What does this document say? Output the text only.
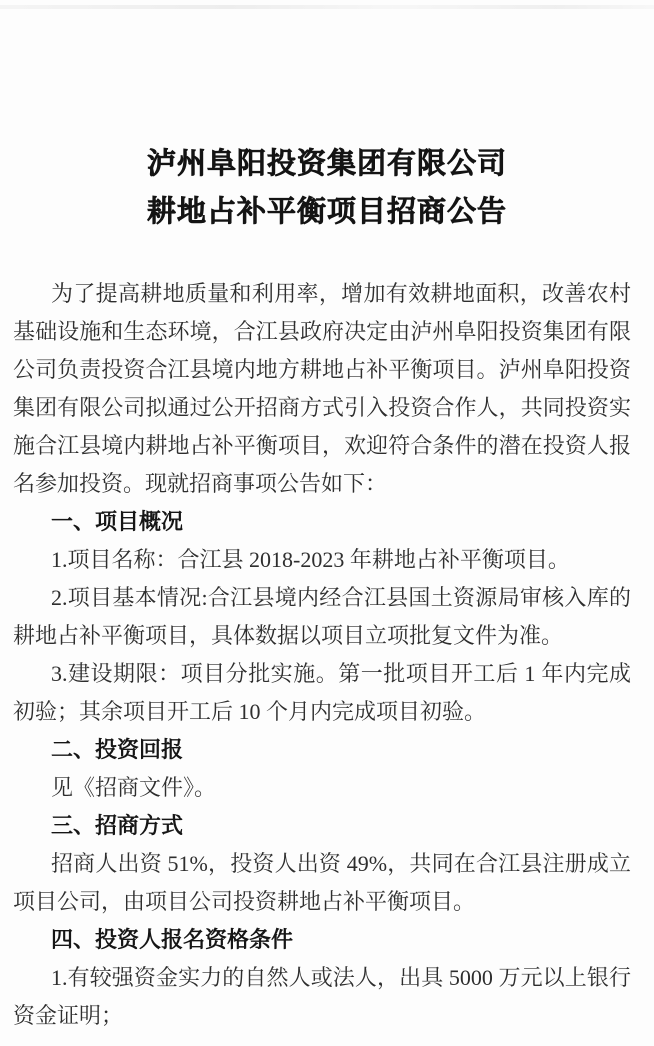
泸州阜阳投资集团有限公司
耕地占补平衡项目招商公告

为了提高耕地质量和利用率，增加有效耕地面积，改善农村基础设施和生态环境，合江县政府决定由泸州阜阳投资集团有限公司负责投资合江县境内地方耕地占补平衡项目。泸州阜阳投资集团有限公司拟通过公开招商方式引入投资合作人，共同投资实施合江县境内耕地占补平衡项目，欢迎符合条件的潜在投资人报名参加投资。现就招商事项公告如下：

一、项目概况

1.项目名称：合江县 2018-2023 年耕地占补平衡项目。

2.项目基本情况:合江县境内经合江县国土资源局审核入库的耕地占补平衡项目，具体数据以项目立项批复文件为准。

3.建设期限：项目分批实施。第一批项目开工后 1 年内完成初验；其余项目开工后 10 个月内完成项目初验。

二、投资回报

见《招商文件》。

三、招商方式

招商人出资 51%，投资人出资 49%，共同在合江县注册成立项目公司，由项目公司投资耕地占补平衡项目。

四、投资人报名资格条件

1.有较强资金实力的自然人或法人，出具 5000 万元以上银行资金证明；
